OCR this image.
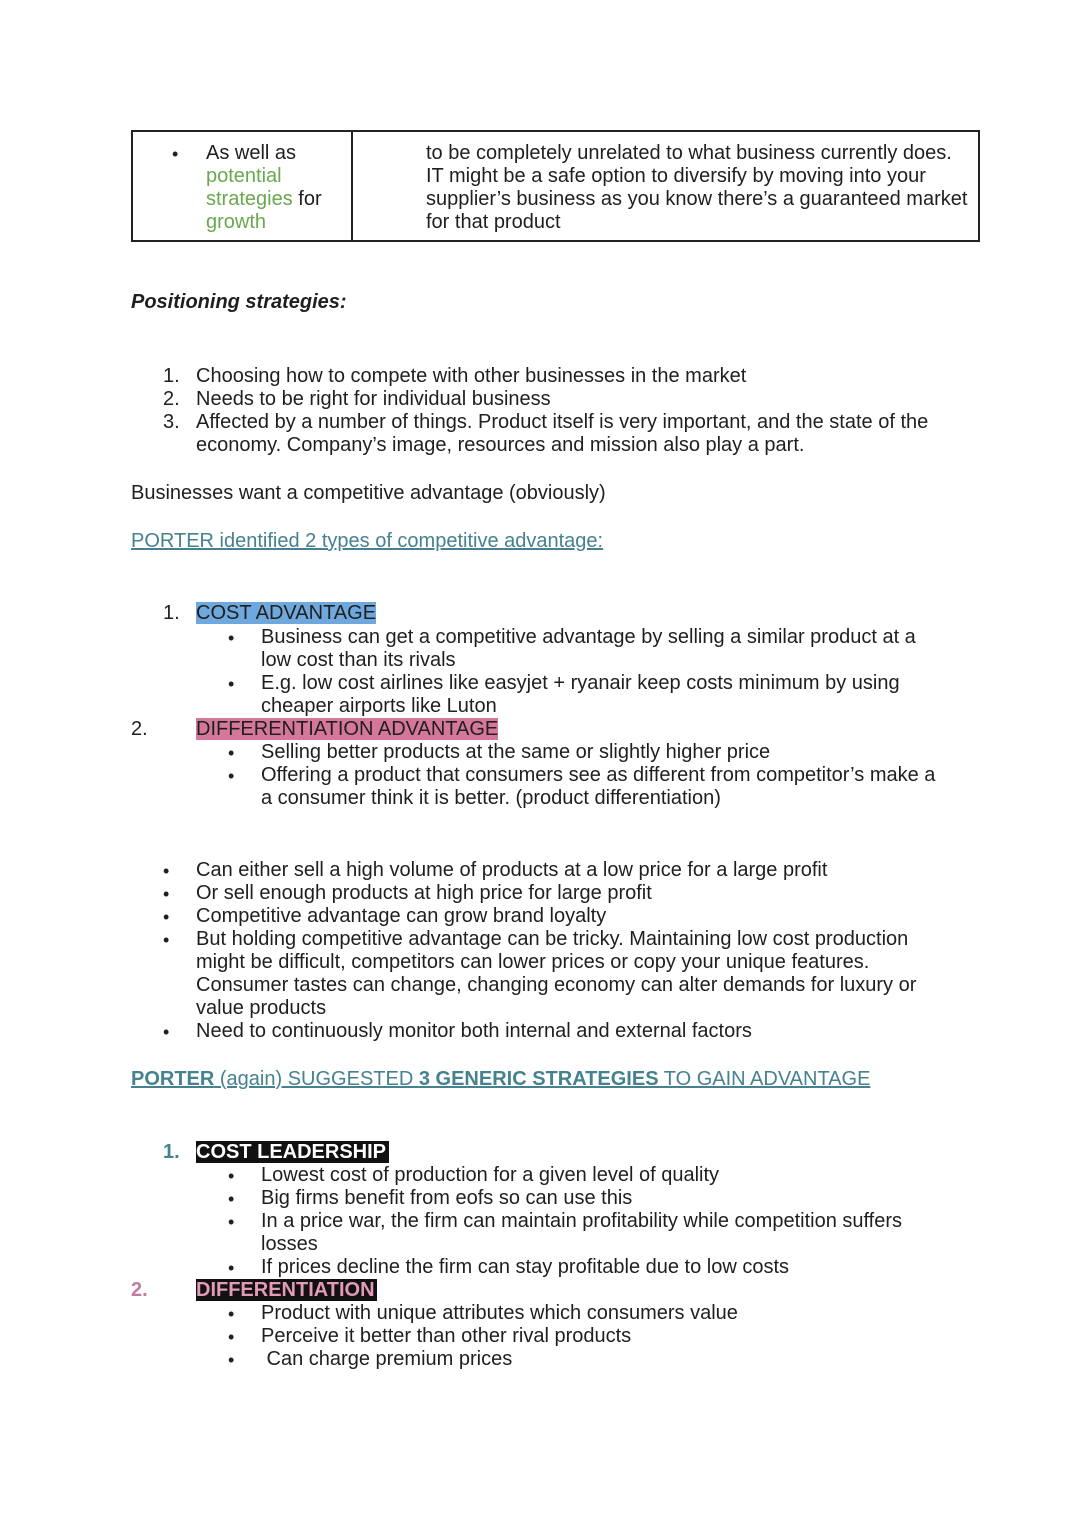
• As well as
potential
strategies for
growth
to be completely unrelated to what business currently does.
IT might be a safe option to diversify by moving into your
supplier’s business as you know there’s a guaranteed market
for that product
Positioning strategies:
1. Choosing how to compete with other businesses in the market
2. Needs to be right for individual business
3. Affected by a number of things. Product itself is very important, and the state of the
economy. Company’s image, resources and mission also play a part.
Businesses want a competitive advantage (obviously)
PORTER identified 2 types of competitive advantage:
1. COST ADVANTAGE
• Business can get a competitive advantage by selling a similar product at a
low cost than its rivals
• E.g. low cost airlines like easyjet + ryanair keep costs minimum by using
cheaper airports like Luton
2. DIFFERENTIATION ADVANTAGE
• Selling better products at the same or slightly higher price
• Offering a product that consumers see as different from competitor’s make a
a consumer think it is better. (product differentiation)
• Can either sell a high volume of products at a low price for a large profit
• Or sell enough products at high price for large profit
• Competitive advantage can grow brand loyalty
• But holding competitive advantage can be tricky. Maintaining low cost production
might be difficult, competitors can lower prices or copy your unique features.
Consumer tastes can change, changing economy can alter demands for luxury or
value products
• Need to continuously monitor both internal and external factors
PORTER (again) SUGGESTED 3 GENERIC STRATEGIES TO GAIN ADVANTAGE
1. COST LEADERSHIP
• Lowest cost of production for a given level of quality
• Big firms benefit from eofs so can use this
• In a price war, the firm can maintain profitability while competition suffers
losses
• If prices decline the firm can stay profitable due to low costs
2. DIFFERENTIATION
• Product with unique attributes which consumers value
• Perceive it better than other rival products
• Can charge premium prices
